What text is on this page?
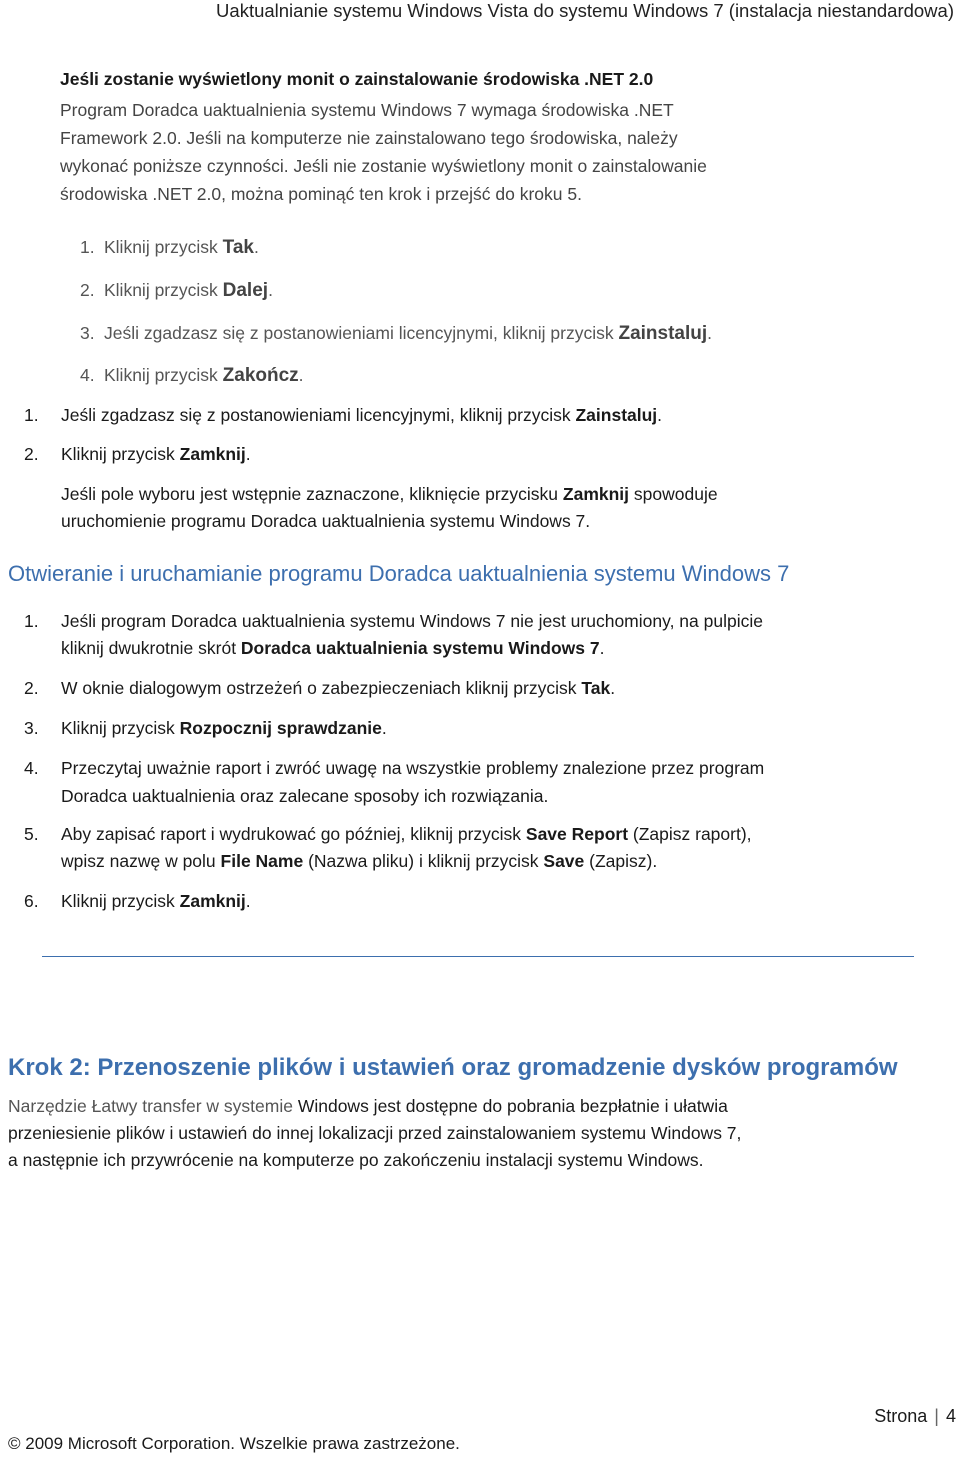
Uaktualnianie systemu Windows Vista do systemu Windows 7 (instalacja niestandardowa)
Jeśli zostanie wyświetlony monit o zainstalowanie środowiska .NET 2.0
Program Doradca uaktualnienia systemu Windows 7 wymaga środowiska .NET
Framework 2.0. Jeśli na komputerze nie zainstalowano tego środowiska, należy
wykonać poniższe czynności. Jeśli nie zostanie wyświetlony monit o zainstalowanie
środowiska .NET 2.0, można pominąć ten krok i przejść do kroku 5.
1. Kliknij przycisk Tak.
2. Kliknij przycisk Dalej.
3. Jeśli zgadzasz się z postanowieniami licencyjnymi, kliknij przycisk Zainstaluj.
4. Kliknij przycisk Zakończ.
1. Jeśli zgadzasz się z postanowieniami licencyjnymi, kliknij przycisk Zainstaluj.
2. Kliknij przycisk Zamknij.
Jeśli pole wyboru jest wstępnie zaznaczone, kliknięcie przycisku Zamknij spowoduje
uruchomienie programu Doradca uaktualnienia systemu Windows 7.
Otwieranie i uruchamianie programu Doradca uaktualnienia systemu Windows 7
1. Jeśli program Doradca uaktualnienia systemu Windows 7 nie jest uruchomiony, na pulpicie
kliknij dwukrotnie skrót Doradca uaktualnienia systemu Windows 7.
2. W oknie dialogowym ostrzeżeń o zabezpieczeniach kliknij przycisk Tak.
3. Kliknij przycisk Rozpocznij sprawdzanie.
4. Przeczytaj uważnie raport i zwróć uwagę na wszystkie problemy znalezione przez program
Doradca uaktualnienia oraz zalecane sposoby ich rozwiązania.
5. Aby zapisać raport i wydrukować go później, kliknij przycisk Save Report (Zapisz raport),
wpisz nazwę w polu File Name (Nazwa pliku) i kliknij przycisk Save (Zapisz).
6. Kliknij przycisk Zamknij.
Krok 2: Przenoszenie plików i ustawień oraz gromadzenie dysków programów
Narzędzie Łatwy transfer w systemie Windows jest dostępne do pobrania bezpłatnie i ułatwia
przeniesienie plików i ustawień do innej lokalizacji przed zainstalowaniem systemu Windows 7,
a następnie ich przywrócenie na komputerze po zakończeniu instalacji systemu Windows.
Strona | 4
© 2009 Microsoft Corporation. Wszelkie prawa zastrzeżone.
